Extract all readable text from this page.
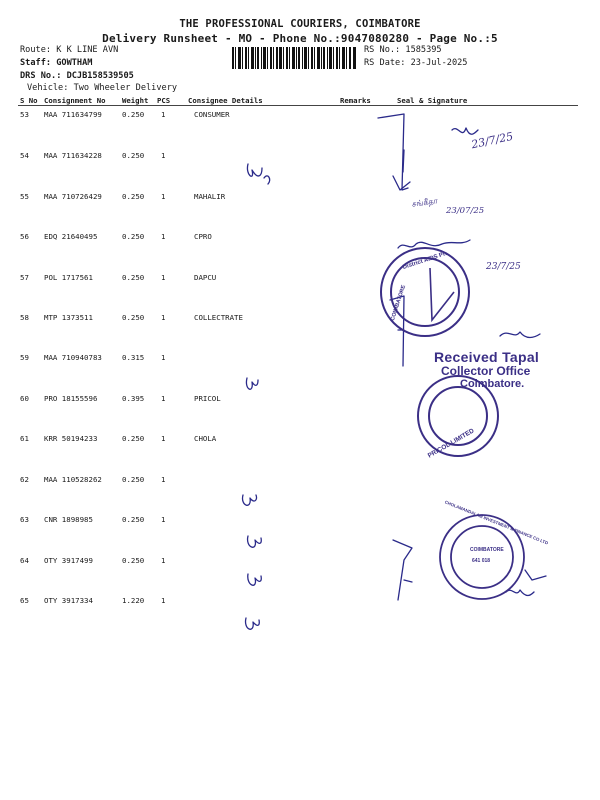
THE PROFESSIONAL COURIERS, COIMBATORE
Delivery Runsheet - MO - Phone No.:9047080280 - Page No.:5
Route: K K LINE AVN
Staff: GOWTHAM
DRS No.: DCJB158539505
Vehicle: Two Wheeler Delivery
RS No.: 1585395
RS Date: 23-Jul-2025
S No Consignment No Weight PCS Consignee Details	Remarks	Seal & Signature
53 MAA 711634799	0.250 1	CONSUMER
54 MAA 711634228	0.250 1
55 MAA 710726429	0.250 1	MAHALIR
56 EDQ 21640495	0.250 1	CPRO
57 POL 1717561	0.250 1	DAPCU
58 MTP 1373511	0.250 1	COLLECTRATE
59 MAA 710940783	0.315 1
60 PRO 18155596	0.395 1	PRICOL
61 KRR 50194233	0.250 1	CHOLA
62 MAA 110528262	0.250 1
63 CNR 1898985	0.250 1
64 OTY 3917499	0.250 1
65 OTY 3917334	1.220 1
23/7/25
சங்கீதா
23/07/25
23/7/25
District AIDS Pr.
COIMBATORE
Received Tapal
Collector Office
Coimbatore.
PRICOL LIMITED
CHOLAMANDALAM INVESTMENT & FINANCE CO LTD
COIMBATORE
641 018
